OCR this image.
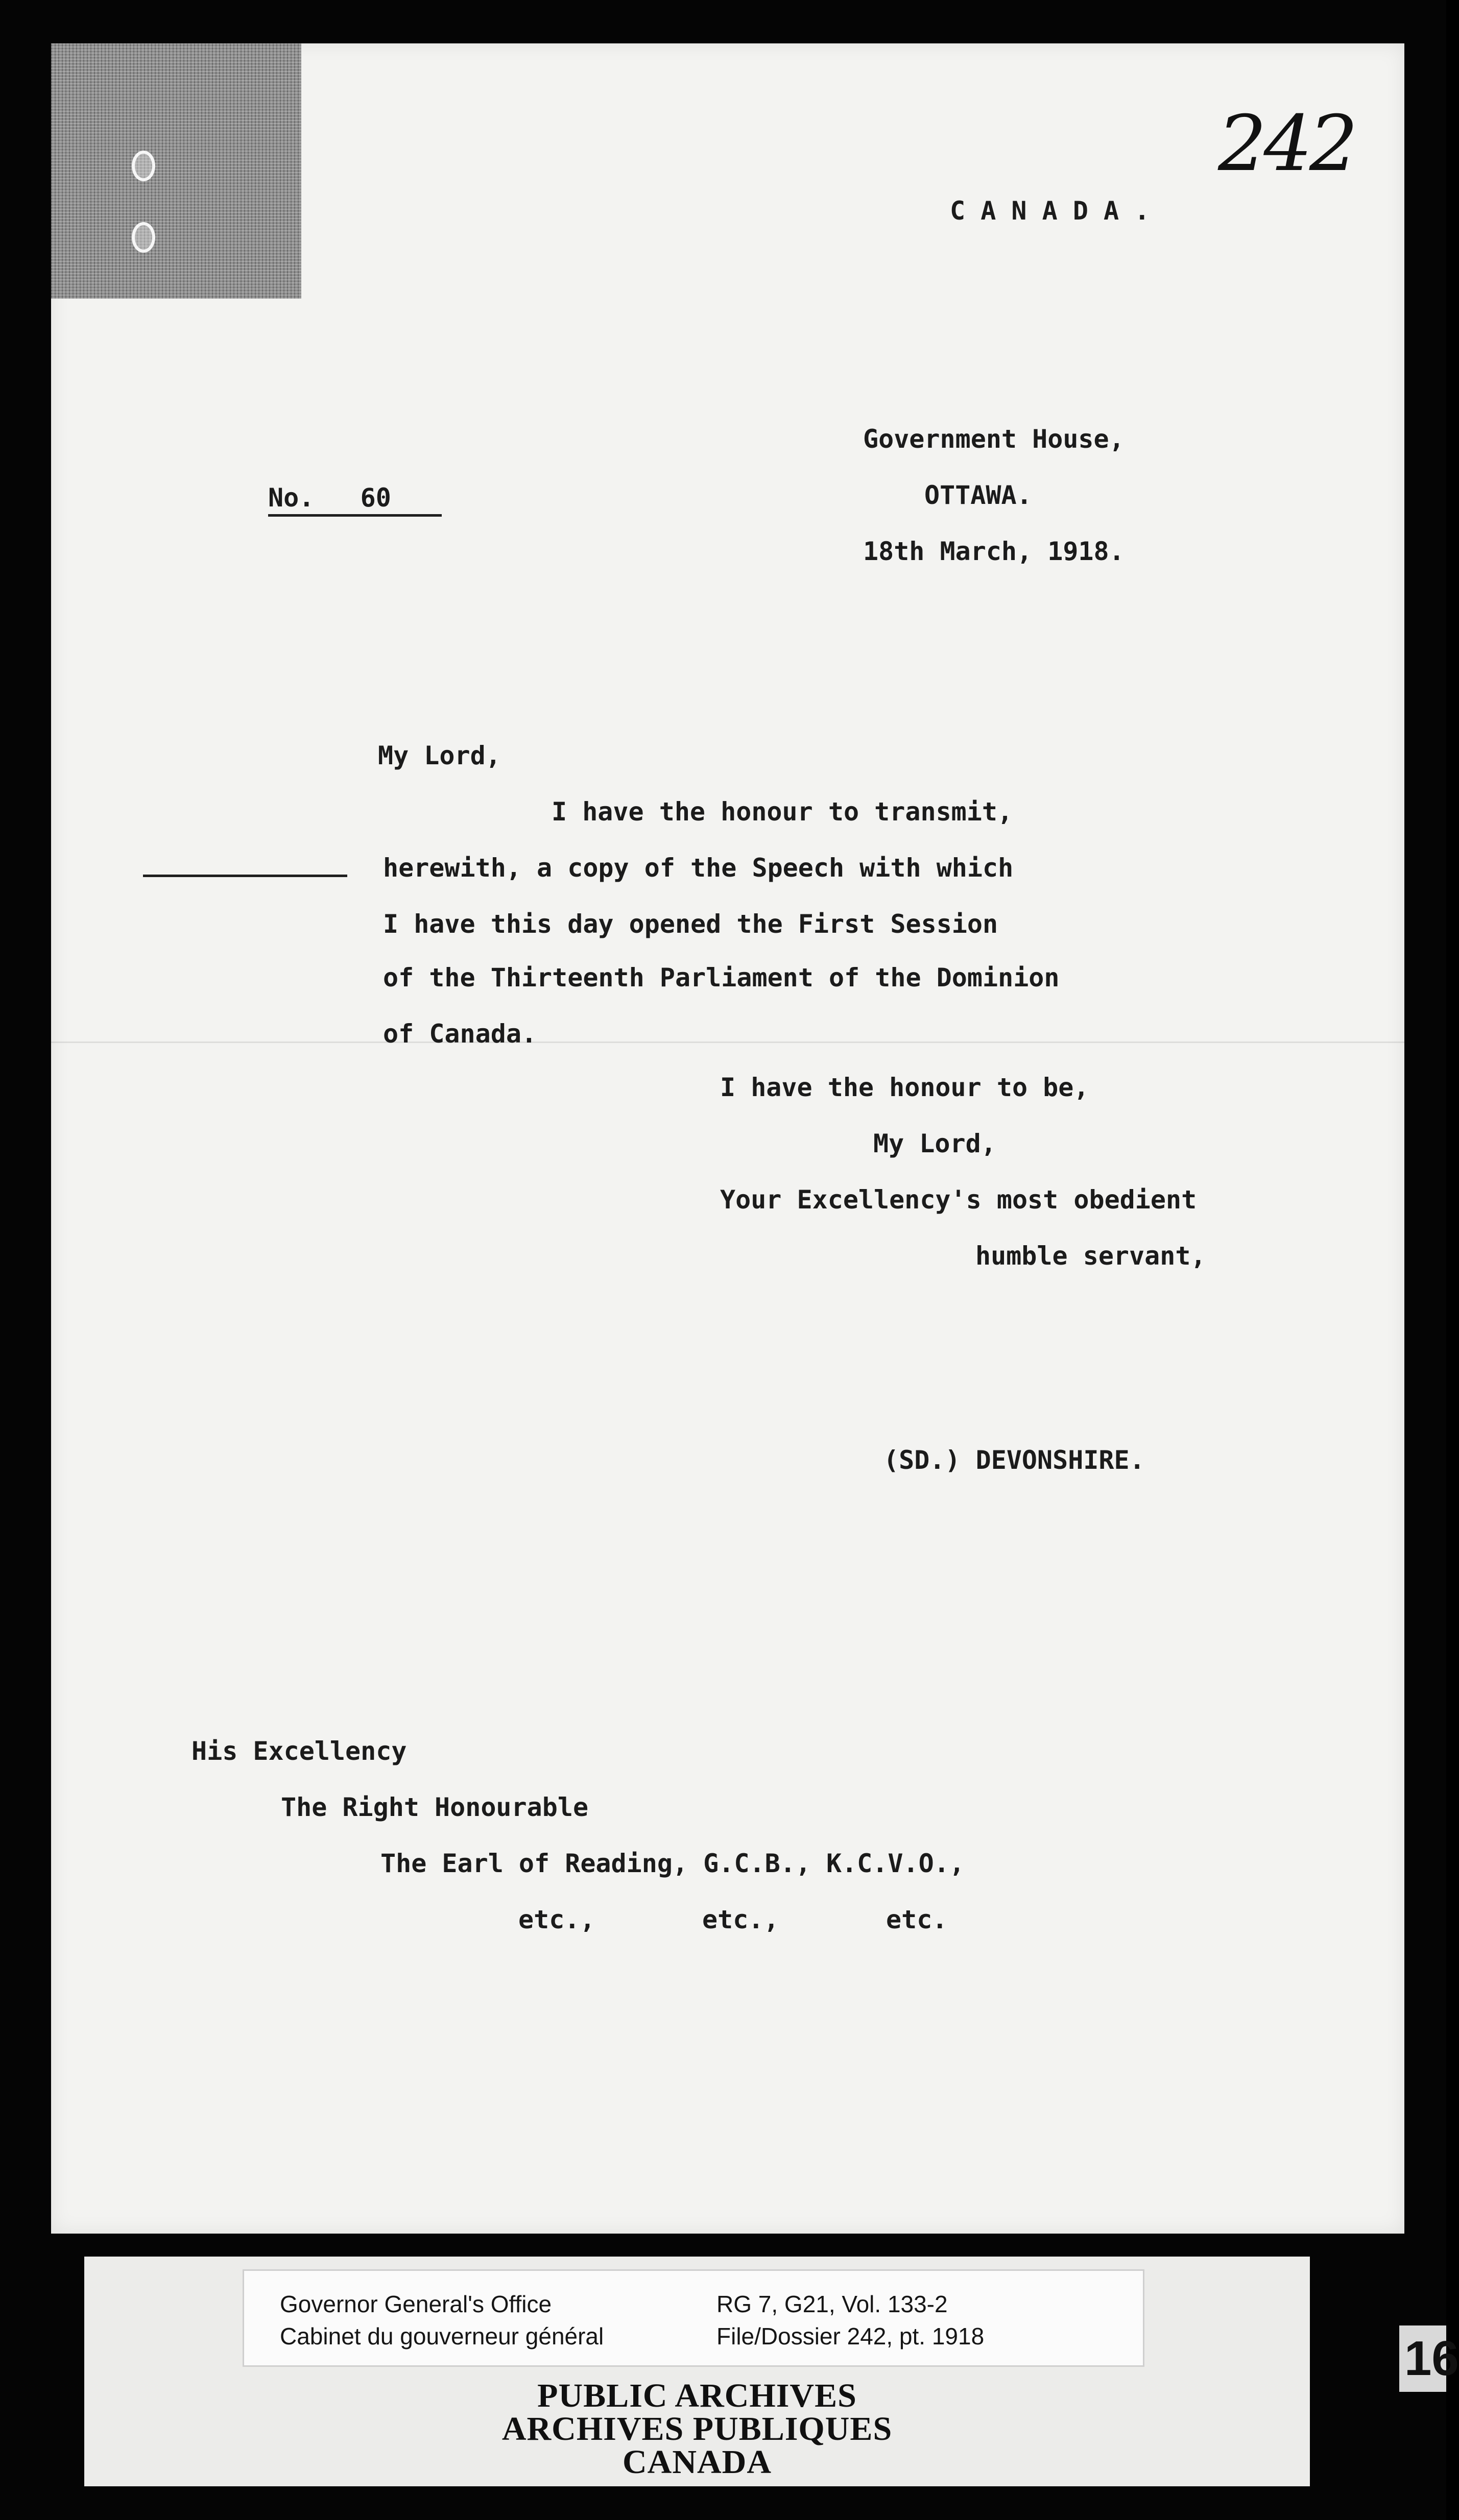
242
C A N A D A .
Government House,
OTTAWA.
18th March, 1918.
No.   60
My Lord,
I have the honour to transmit,
herewith, a copy of the Speech with which
I have this day opened the First Session
of the Thirteenth Parliament of the Dominion
of Canada.
I have the honour to be,
My Lord,
Your Excellency's most obedient
humble servant,
(SD.) DEVONSHIRE.
His Excellency
The Right Honourable
The Earl of Reading, G.C.B., K.C.V.O.,
etc.,	etc.,	etc.
Governor General's Office
Cabinet du gouverneur général
RG 7, G21, Vol. 133-2
File/Dossier 242, pt. 1918
PUBLIC ARCHIVES
ARCHIVES PUBLIQUES
CANADA
16
